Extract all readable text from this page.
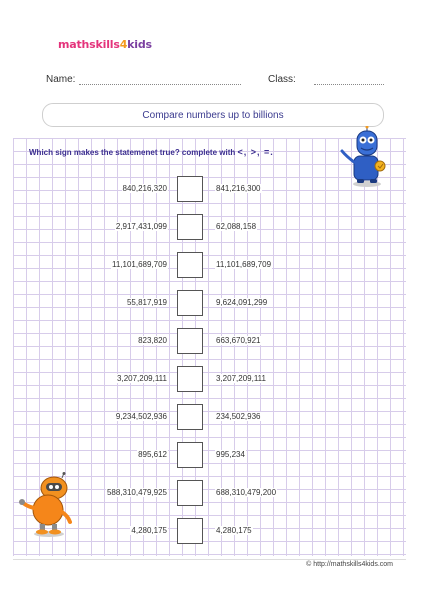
mathskills4kids
Name:	Class:
Compare numbers up to billions
Which sign makes the statemenet true? complete with <, >, =.
840,216,320	841,216,300
2,917,431,099	62,088,158
11,101,689,709	11,101,689,709
55,817,919	9,624,091,299
823,820	663,670,921
3,207,209,111	3,207,209,111
9,234,502,936	234,502,936
895,612	995,234
588,310,479,925	688,310,479,200
4,280,175	4,280,175
© http://mathskills4kids.com
